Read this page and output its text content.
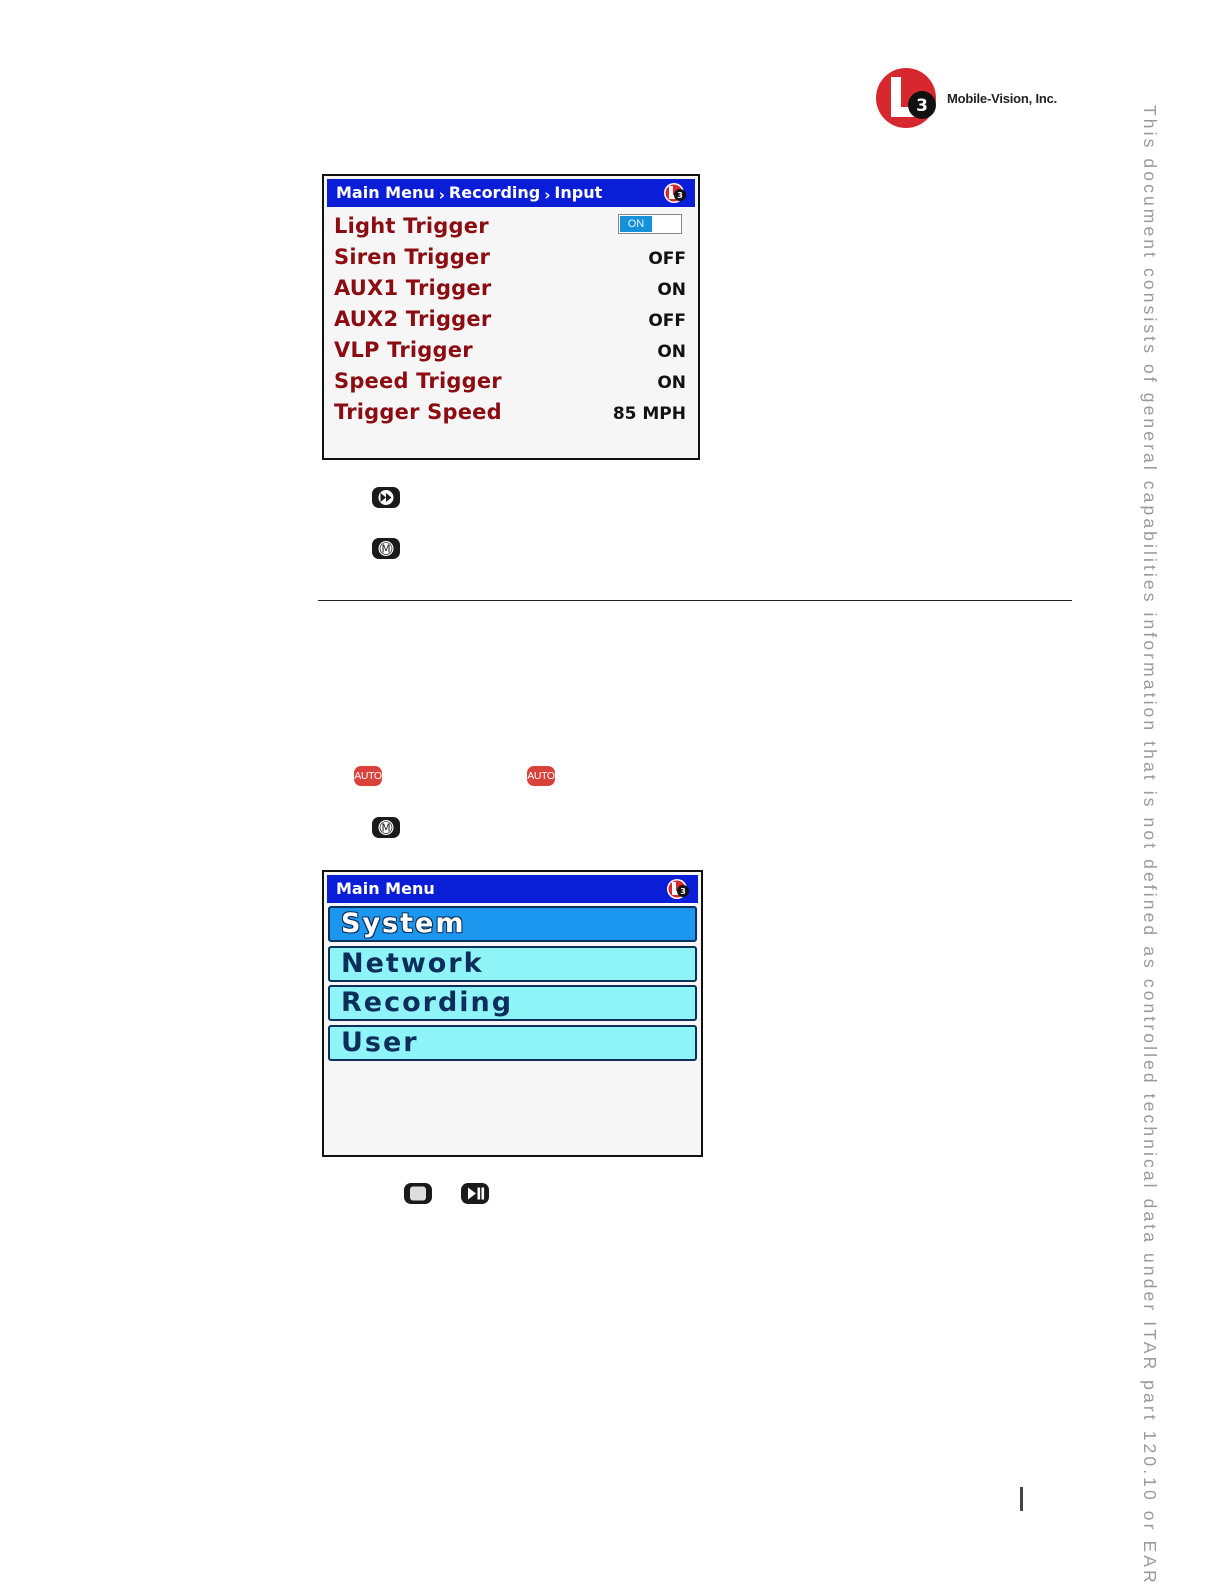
3 Mobile-Vision, Inc.
This document consists of general capabilities information that is not defined as controlled technical data under ITAR part 120.10 or EAR
Main Menu › Recording › Input	3
Light Trigger	ON
Siren Trigger	OFF
AUX1 Trigger	ON
AUX2 Trigger	OFF
VLP Trigger	ON
Speed Trigger	ON
Trigger Speed	85 MPH
M
AUTO	AUTO
M
Main Menu	3
System
Network
Recording
User
